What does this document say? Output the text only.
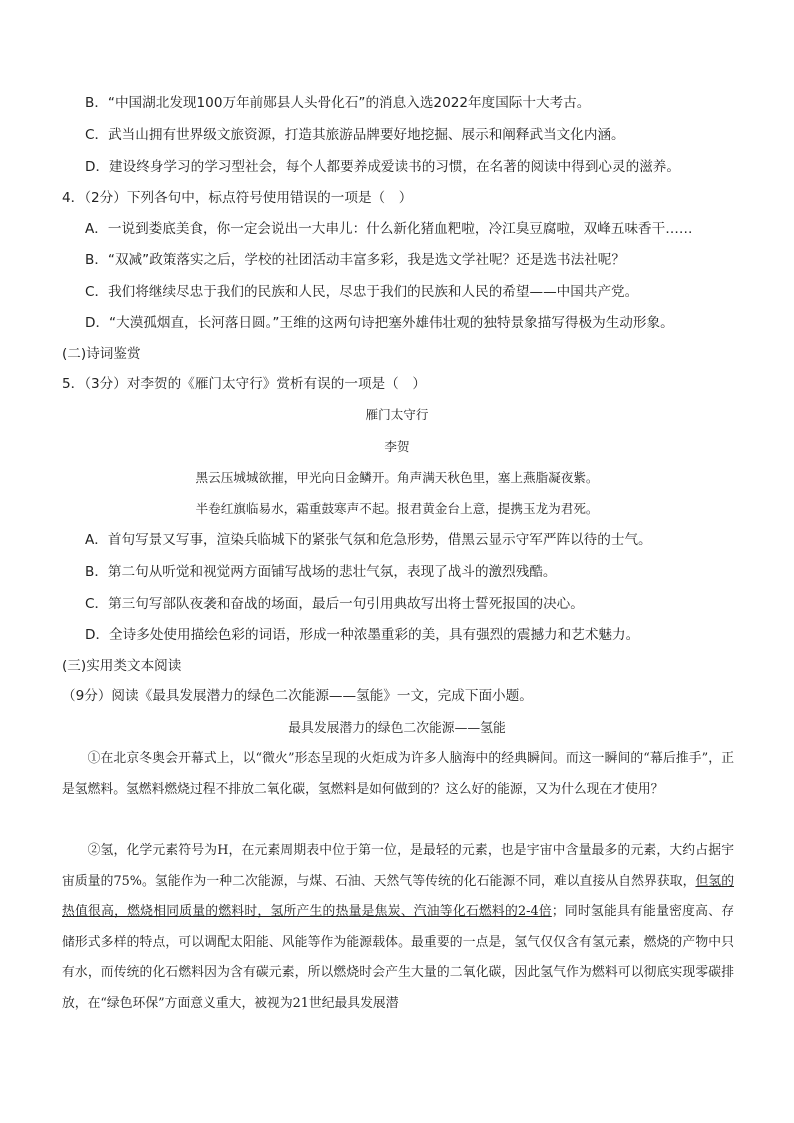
B．“中国湖北发现100万年前郧县人头骨化石”的消息入选2022年度国际十大考古。
C．武当山拥有世界级文旅资源，打造其旅游品牌要好地挖掘、展示和阐释武当文化内涵。
D．建设终身学习的学习型社会，每个人都要养成爱读书的习惯，在名著的阅读中得到心灵的滋养。
4．（2分）下列各句中，标点符号使用错误的一项是（　）
A．一说到娄底美食，你一定会说出一大串儿：什么新化猪血粑啦，冷江臭豆腐啦，双峰五味香干……
B．“双减”政策落实之后，学校的社团活动丰富多彩，我是选文学社呢？还是选书法社呢？
C．我们将继续尽忠于我们的民族和人民，尽忠于我们的民族和人民的希望——中国共产党。
D．“大漠孤烟直，长河落日圆。”王维的这两句诗把塞外雄伟壮观的独特景象描写得极为生动形象。
(二)诗词鉴赏
5．（3分）对李贺的《雁门太守行》赏析有误的一项是（　）
雁门太守行
李贺
黑云压城城欲摧，甲光向日金鳞开。角声满天秋色里，塞上燕脂凝夜紫。
半卷红旗临易水，霜重鼓寒声不起。报君黄金台上意，提携玉龙为君死。
A．首句写景又写事，渲染兵临城下的紧张气氛和危急形势，借黑云显示守军严阵以待的士气。
B．第二句从听觉和视觉两方面铺写战场的悲壮气氛，表现了战斗的激烈残酷。
C．第三句写部队夜袭和奋战的场面，最后一句引用典故写出将士誓死报国的决心。
D．全诗多处使用描绘色彩的词语，形成一种浓墨重彩的美，具有强烈的震撼力和艺术魅力。
(三)实用类文本阅读
（9分）阅读《最具发展潜力的绿色二次能源——氢能》一文，完成下面小题。
最具发展潜力的绿色二次能源——氢能
①在北京冬奥会开幕式上，以“微火”形态呈现的火炬成为许多人脑海中的经典瞬间。而这一瞬间的“幕后推手”，正是氢燃料。氢燃料燃烧过程不排放二氧化碳，氢燃料是如何做到的？这么好的能源，又为什么现在才使用？
②氢，化学元素符号为H，在元素周期表中位于第一位，是最轻的元素，也是宇宙中含量最多的元素，大约占据宇宙质量的75%。氢能作为一种二次能源，与煤、石油、天然气等传统的化石能源不同，难以直接从自然界获取，但氢的热值很高，燃烧相同质量的燃料时，氢所产生的热量是焦炭、汽油等化石燃料的2-4倍；同时氢能具有能量密度高、存储形式多样的特点，可以调配太阳能、风能等作为能源载体。最重要的一点是，氢气仅仅含有氢元素，燃烧的产物中只有水，而传统的化石燃料因为含有碳元素，所以燃烧时会产生大量的二氧化碳，因此氢气作为燃料可以彻底实现零碳排放，在“绿色环保”方面意义重大，被视为21世纪最具发展潜
